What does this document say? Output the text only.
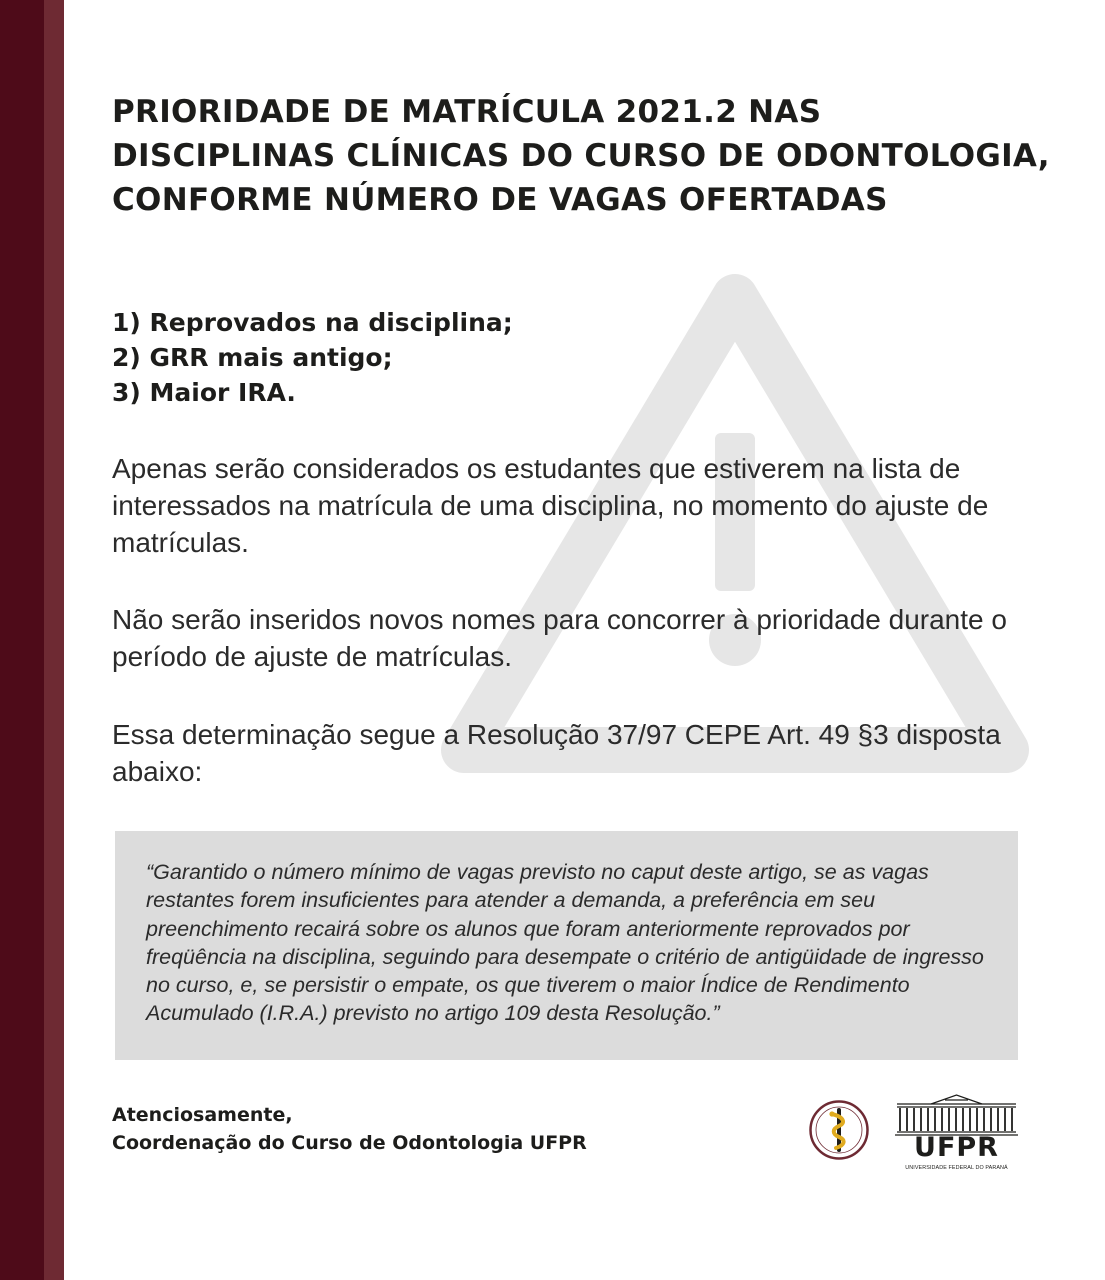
PRIORIDADE DE MATRÍCULA 2021.2 NAS DISCIPLINAS CLÍNICAS DO CURSO DE ODONTOLOGIA, CONFORME NÚMERO DE VAGAS OFERTADAS
1) Reprovados na disciplina;
2) GRR mais antigo;
3) Maior IRA.

Apenas serão considerados os estudantes que estiverem na lista de interessados na matrícula de uma disciplina, no momento do ajuste de matrículas.

Não serão inseridos novos nomes para concorrer à prioridade durante o período de ajuste de matrículas.

Essa determinação segue a Resolução 37/97 CEPE Art. 49 §3 disposta abaixo:

“Garantido o número mínimo de vagas previsto no caput deste artigo, se as vagas restantes forem insuficientes para atender a demanda, a preferência em seu preenchimento recairá sobre os alunos que foram anteriormente reprovados por freqüência na disciplina, seguindo para desempate o critério de antigüidade de ingresso no curso, e, se persistir o empate, os que tiverem o maior Índice de Rendimento Acumulado (I.R.A.) previsto no artigo 109 desta Resolução.”

Atenciosamente,
Coordenação do Curso de Odontologia UFPR	UFPR
UNIVERSIDADE FEDERAL DO PARANÁ
